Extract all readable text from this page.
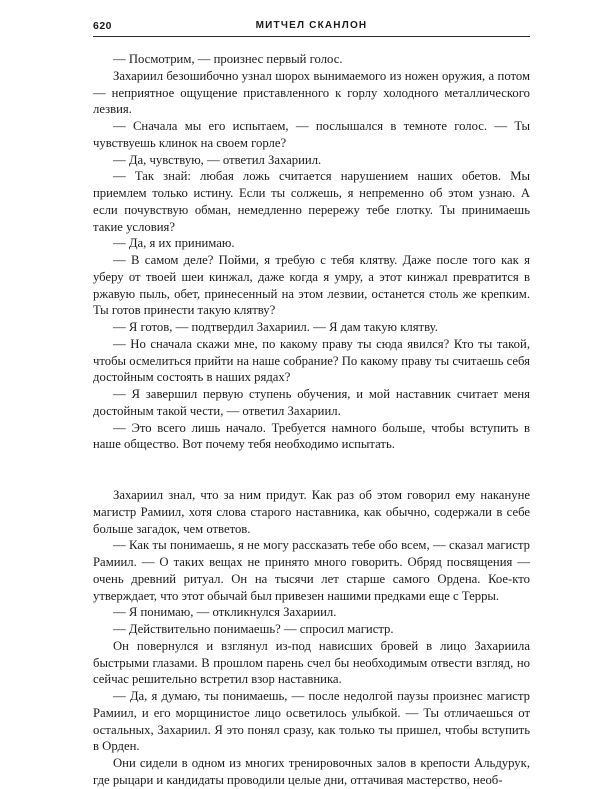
620	МИТЧЕЛ СКАНЛОН

— Посмотрим, — произнес первый голос.

Захариил безошибочно узнал шорох вынимаемого из ножен оружия, а потом — неприятное ощущение приставленного к горлу холодного металлического лезвия.

— Сначала мы его испытаем, — послышался в темноте голос. — Ты чувствуешь клинок на своем горле?

— Да, чувствую, — ответил Захариил.

— Так знай: любая ложь считается нарушением наших обетов. Мы приемлем только истину. Если ты солжешь, я непременно об этом узнаю. А если почувствую обман, немедленно перережу тебе глотку. Ты принимаешь такие условия?

— Да, я их принимаю.

— В самом деле? Пойми, я требую с тебя клятву. Даже после того как я уберу от твоей шеи кинжал, даже когда я умру, а этот кинжал превратится в ржавую пыль, обет, принесенный на этом лезвии, останется столь же крепким. Ты готов принести такую клятву?

— Я готов, — подтвердил Захариил. — Я дам такую клятву.

— Но сначала скажи мне, по какому праву ты сюда явился? Кто ты такой, чтобы осмелиться прийти на наше собрание? По какому праву ты считаешь себя достойным состоять в наших рядах?

— Я завершил первую ступень обучения, и мой наставник считает меня достойным такой чести, — ответил Захариил.

— Это всего лишь начало. Требуется намного больше, чтобы вступить в наше общество. Вот почему тебя необходимо испытать.

Захариил знал, что за ним придут. Как раз об этом говорил ему накануне магистр Рамиил, хотя слова старого наставника, как обычно, содержали в себе больше загадок, чем ответов.

— Как ты понимаешь, я не могу рассказать тебе обо всем, — сказал магистр Рамиил. — О таких вещах не принято много говорить. Обряд посвящения — очень древний ритуал. Он на тысячи лет старше самого Ордена. Кое-кто утверждает, что этот обычай был привезен нашими предками еще с Терры.

— Я понимаю, — откликнулся Захариил.

— Действительно понимаешь? — спросил магистр.

Он повернулся и взглянул из-под нависших бровей в лицо Захариила быстрыми глазами. В прошлом парень счел бы необходимым отвести взгляд, но сейчас решительно встретил взор наставника.

— Да, я думаю, ты понимаешь, — после недолгой паузы произнес магистр Рамиил, и его морщинистое лицо осветилось улыбкой. — Ты отличаешься от остальных, Захариил. Я это понял сразу, как только ты пришел, чтобы вступить в Орден.

Они сидели в одном из многих тренировочных залов в крепости Альдурук, где рыцари и кандидаты проводили целые дни, оттачивая мастерство, необ-
